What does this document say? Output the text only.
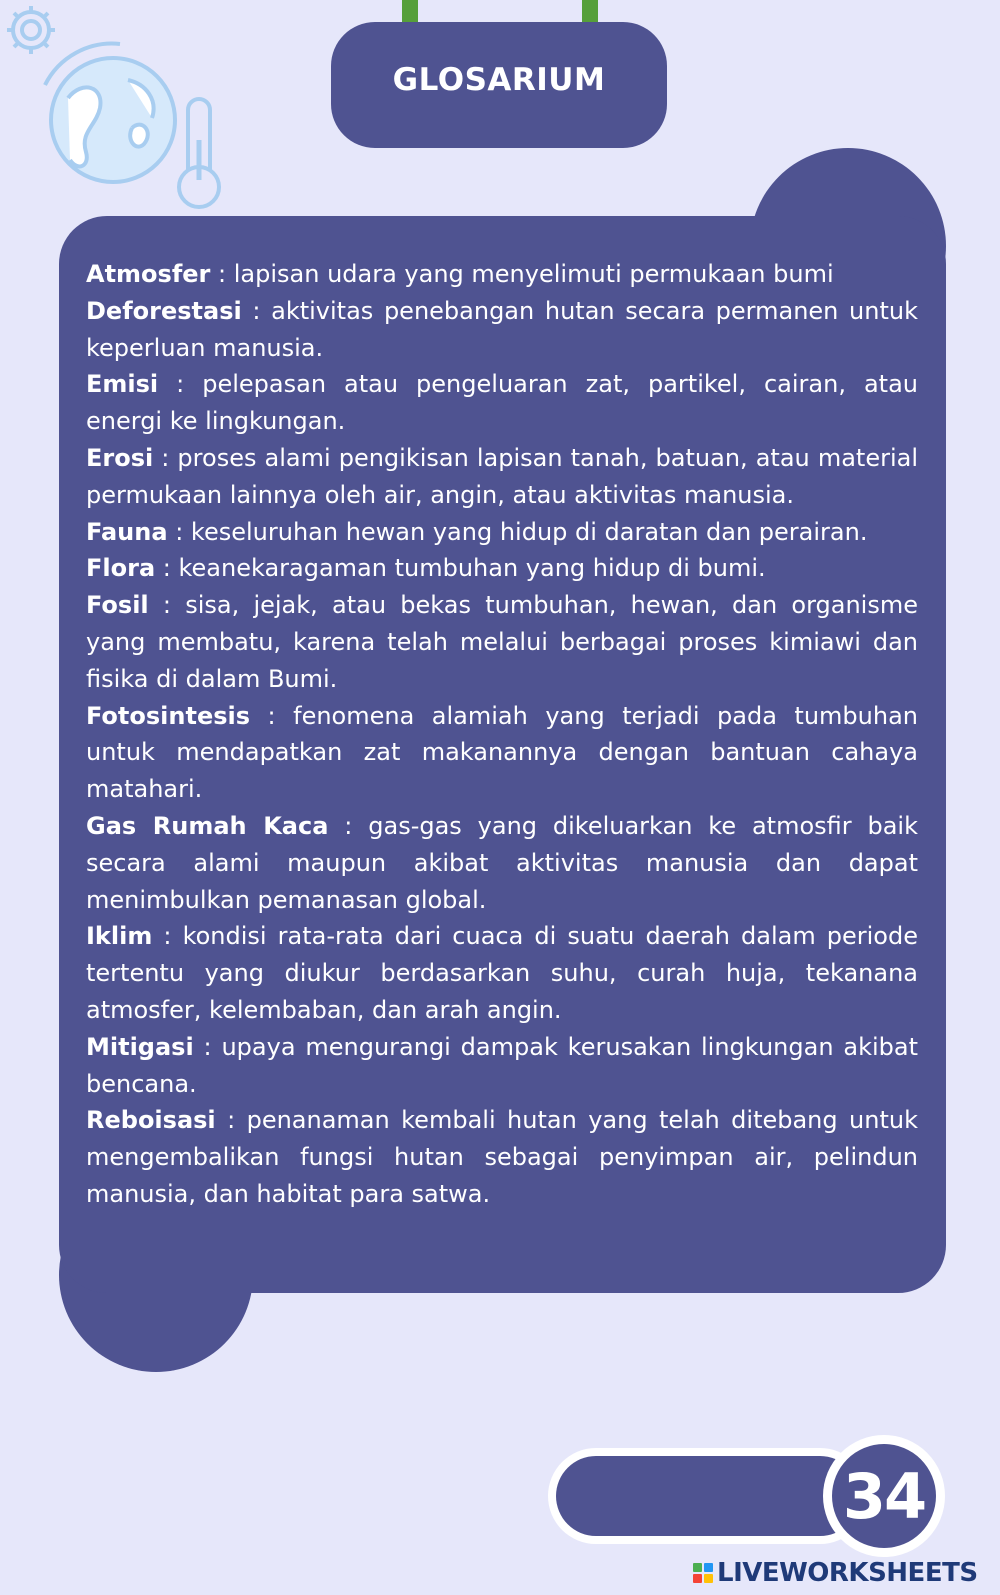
GLOSARIUM

Atmosfer : lapisan udara yang menyelimuti permukaan bumi

Deforestasi : aktivitas penebangan hutan secara permanen untuk keperluan manusia.

Emisi : pelepasan atau pengeluaran zat, partikel, cairan, atau energi ke lingkungan.

Erosi : proses alami pengikisan lapisan tanah, batuan, atau material permukaan lainnya oleh air, angin, atau aktivitas manusia.

Fauna : keseluruhan hewan yang hidup di daratan dan perairan.

Flora : keanekaragaman tumbuhan yang hidup di bumi.

Fosil : sisa, jejak, atau bekas tumbuhan, hewan, dan organisme yang membatu, karena telah melalui berbagai proses kimiawi dan fisika di dalam Bumi.

Fotosintesis : fenomena alamiah yang terjadi pada tumbuhan untuk mendapatkan zat makanannya dengan bantuan cahaya matahari.

Gas Rumah Kaca : gas-gas yang dikeluarkan ke atmosfir baik secara alami maupun akibat aktivitas manusia dan dapat menimbulkan pemanasan global.

Iklim : kondisi rata-rata dari cuaca di suatu daerah dalam periode tertentu yang diukur berdasarkan suhu, curah huja, tekanana atmosfer, kelembaban, dan arah angin.

Mitigasi : upaya mengurangi dampak kerusakan lingkungan akibat bencana.

Reboisasi : penanaman kembali hutan yang telah ditebang untuk mengembalikan fungsi hutan sebagai penyimpan air, pelindun manusia, dan habitat para satwa.

34
LIVEWORKSHEETS
